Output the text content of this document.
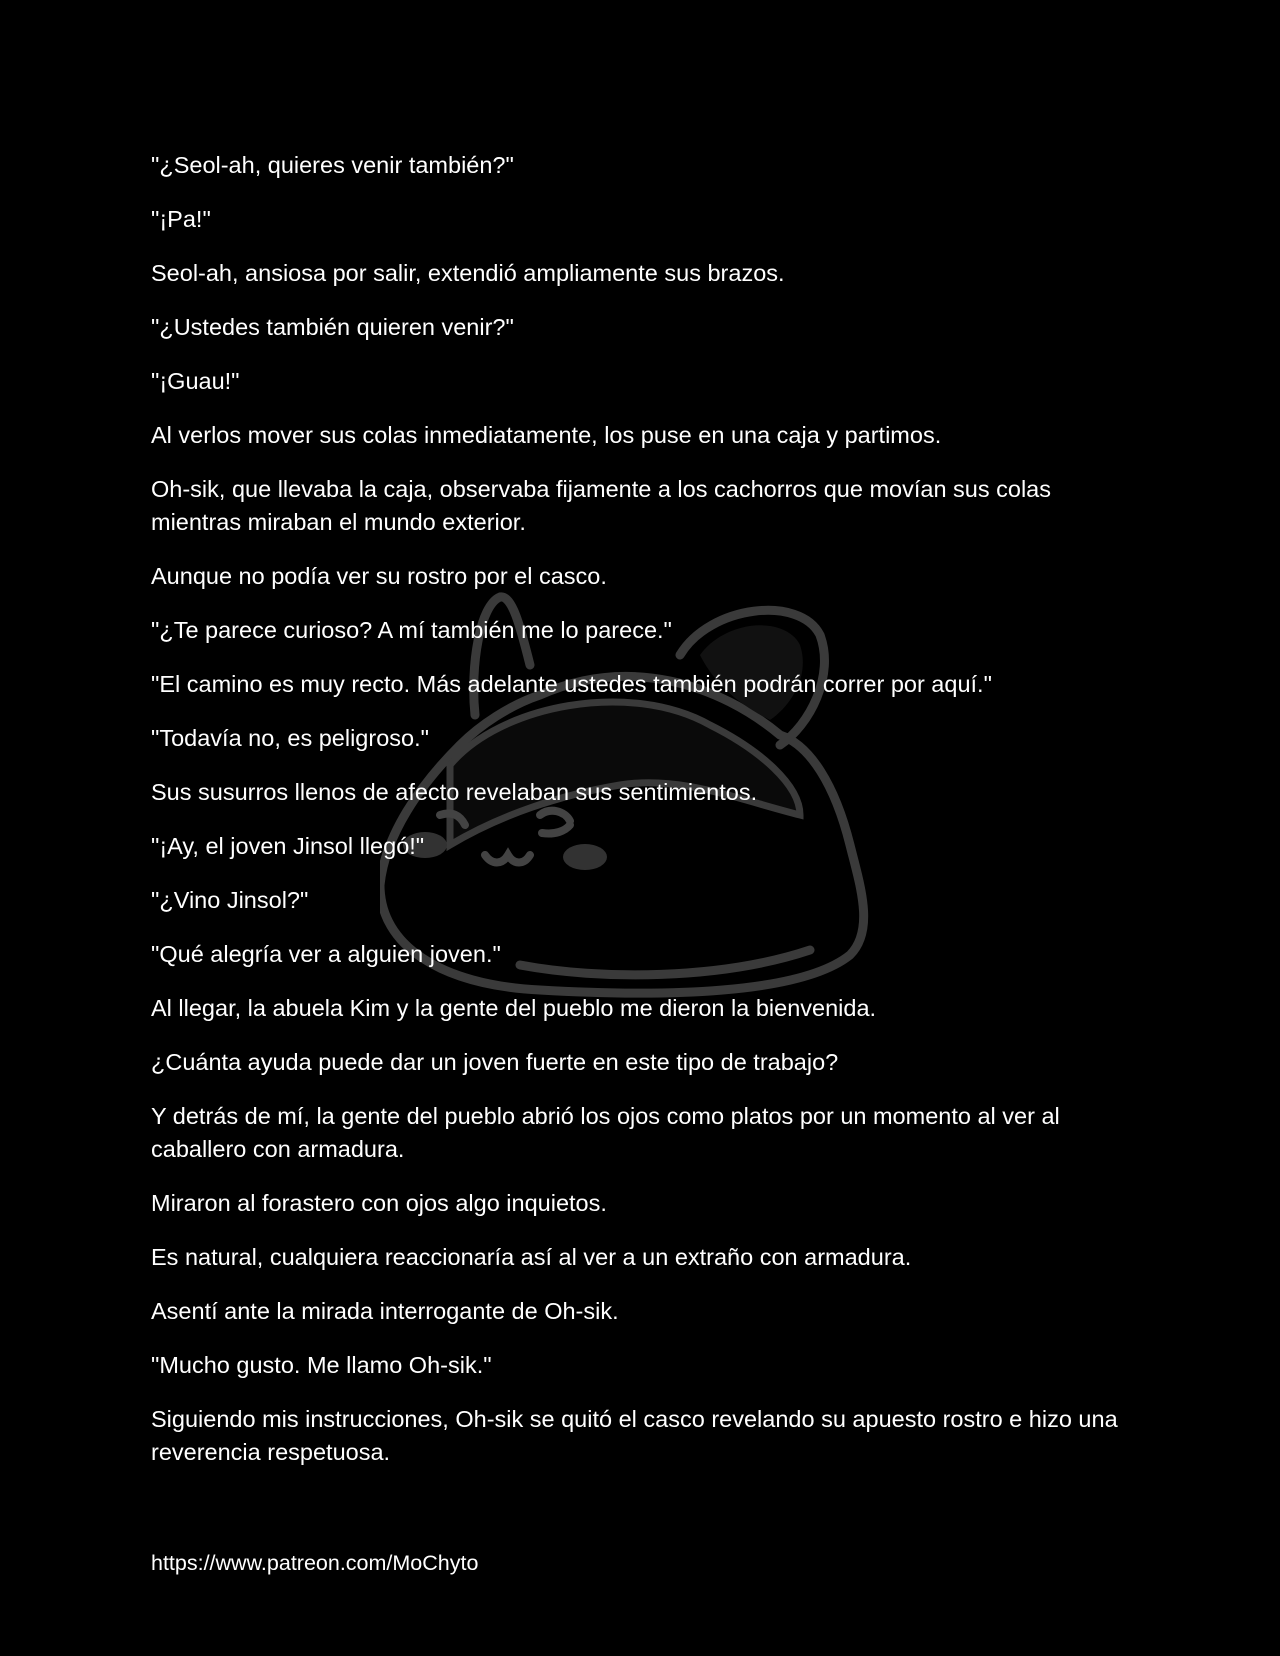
"¿Seol-ah, quieres venir también?"

"¡Pa!"

Seol-ah, ansiosa por salir, extendió ampliamente sus brazos.

"¿Ustedes también quieren venir?"

"¡Guau!"

Al verlos mover sus colas inmediatamente, los puse en una caja y partimos.

Oh-sik, que llevaba la caja, observaba fijamente a los cachorros que movían sus colas mientras miraban el mundo exterior.

Aunque no podía ver su rostro por el casco.

"¿Te parece curioso? A mí también me lo parece."

"El camino es muy recto. Más adelante ustedes también podrán correr por aquí."

"Todavía no, es peligroso."

Sus susurros llenos de afecto revelaban sus sentimientos.

"¡Ay, el joven Jinsol llegó!"

"¿Vino Jinsol?"

"Qué alegría ver a alguien joven."

Al llegar, la abuela Kim y la gente del pueblo me dieron la bienvenida.

¿Cuánta ayuda puede dar un joven fuerte en este tipo de trabajo?

Y detrás de mí, la gente del pueblo abrió los ojos como platos por un momento al ver al caballero con armadura.

Miraron al forastero con ojos algo inquietos.

Es natural, cualquiera reaccionaría así al ver a un extraño con armadura.

Asentí ante la mirada interrogante de Oh-sik.

"Mucho gusto. Me llamo Oh-sik."

Siguiendo mis instrucciones, Oh-sik se quitó el casco revelando su apuesto rostro e hizo una reverencia respetuosa.

https://www.patreon.com/MoChyto
